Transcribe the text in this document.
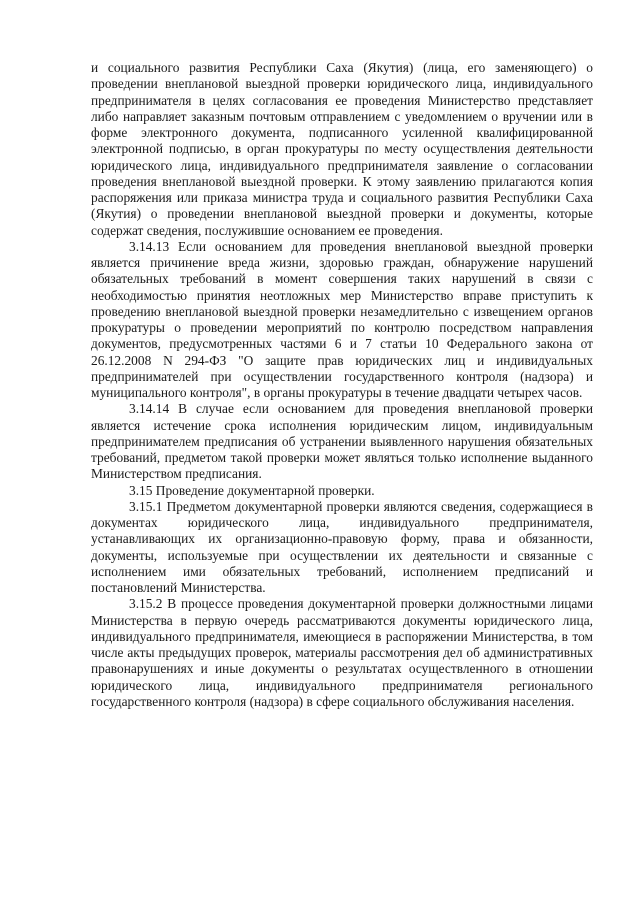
и социального развития Республики Саха (Якутия) (лица, его заменяющего) о проведении внеплановой выездной проверки юридического лица, индивидуального предпринимателя в целях согласования ее проведения Министерство представляет либо направляет заказным почтовым отправлением с уведомлением о вручении или в форме электронного документа, подписанного усиленной квалифицированной электронной подписью, в орган прокуратуры по месту осуществления деятельности юридического лица, индивидуального предпринимателя заявление о согласовании проведения внеплановой выездной проверки. К этому заявлению прилагаются копия распоряжения или приказа министра труда и социального развития Республики Саха (Якутия) о проведении внеплановой выездной проверки и документы, которые содержат сведения, послужившие основанием ее проведения.

3.14.13 Если основанием для проведения внеплановой выездной проверки является причинение вреда жизни, здоровью граждан, обнаружение нарушений обязательных требований в момент совершения таких нарушений в связи с необходимостью принятия неотложных мер Министерство вправе приступить к проведению внеплановой выездной проверки незамедлительно с извещением органов прокуратуры о проведении мероприятий по контролю посредством направления документов, предусмотренных частями 6 и 7 статьи 10 Федерального закона от 26.12.2008 N 294-ФЗ "О защите прав юридических лиц и индивидуальных предпринимателей при осуществлении государственного контроля (надзора) и муниципального контроля", в органы прокуратуры в течение двадцати четырех часов.

3.14.14 В случае если основанием для проведения внеплановой проверки является истечение срока исполнения юридическим лицом, индивидуальным предпринимателем предписания об устранении выявленного нарушения обязательных требований, предметом такой проверки может являться только исполнение выданного Министерством предписания.

3.15 Проведение документарной проверки.

3.15.1 Предметом документарной проверки являются сведения, содержащиеся в документах юридического лица, индивидуального предпринимателя, устанавливающих их организационно-правовую форму, права и обязанности, документы, используемые при осуществлении их деятельности и связанные с исполнением ими обязательных требований, исполнением предписаний и постановлений Министерства.

3.15.2 В процессе проведения документарной проверки должностными лицами Министерства в первую очередь рассматриваются документы юридического лица, индивидуального предпринимателя, имеющиеся в распоряжении Министерства, в том числе акты предыдущих проверок, материалы рассмотрения дел об административных правонарушениях и иные документы о результатах осуществленного в отношении юридического лица, индивидуального предпринимателя регионального государственного контроля (надзора) в сфере социального обслуживания населения.
